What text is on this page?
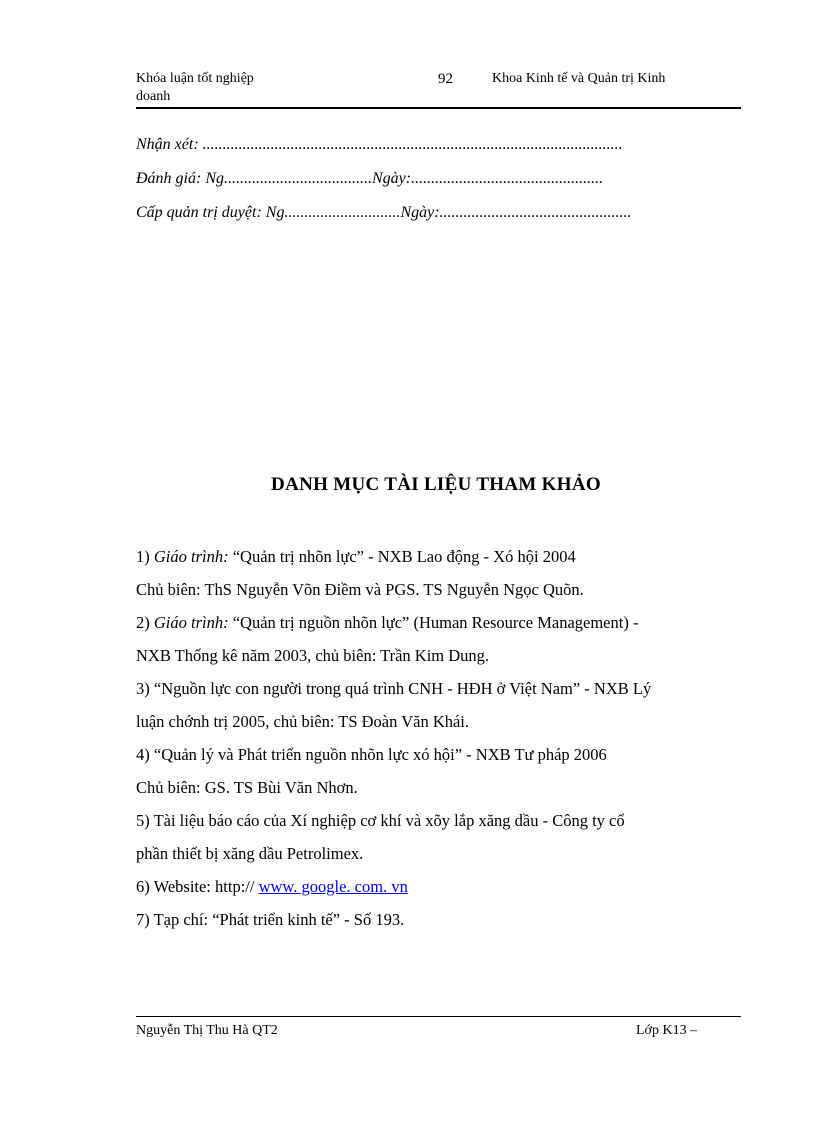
Khóa luận tốt nghiệp doanh
92	Khoa Kinh tế và Quản trị Kinh
Nhận xét: .........................................................................................................
Đánh giá: Ng.....................................Ngày:................................................
Cấp quản trị duyệt: Ng.............................Ngày:................................................
DANH MỤC TÀI LIỆU THAM KHẢO
1) Giáo trình: “Quản trị nhõn lực” - NXB Lao động - Xó hội 2004
Chủ biên: ThS Nguyễn Võn Điềm và PGS. TS Nguyễn Ngọc Quõn.
2) Giáo trình: “Quản trị nguồn nhõn lực” (Human Resource Management) -
NXB Thống kê năm 2003, chủ biên: Trần Kim Dung.
3) “Nguồn lực con người trong quá trình CNH - HĐH ở Việt Nam” - NXB Lý
luận chớnh trị 2005, chủ biên: TS Đoàn Văn Khái.
4) “Quản lý và Phát triển nguồn nhõn lực xó hội” - NXB Tư pháp 2006
Chủ biên: GS. TS Bùi Văn Nhơn.
5) Tài liệu báo cáo của Xí nghiệp cơ khí và xõy lắp xăng dầu - Công ty cổ
phần thiết bị xăng dầu Petrolimex.
6) Website: http:// www. google. com. vn
7) Tạp chí: “Phát triển kinh tế” - Số 193.
Nguyễn Thị Thu Hà QT2	Lớp K13 –
